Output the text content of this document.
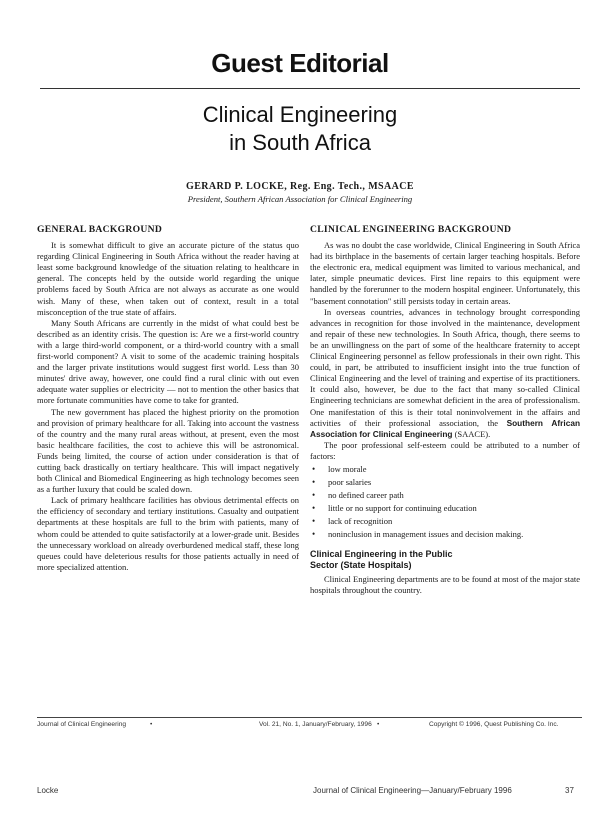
Guest Editorial
Clinical Engineering
in South Africa
GERARD P. LOCKE, Reg. Eng. Tech., MSAACE
President, Southern African Association for Clinical Engineering
GENERAL BACKGROUND

It is somewhat difficult to give an accurate picture of the status quo regarding Clinical Engineering in South Africa without the reader having at least some background knowledge of the situation relating to healthcare in general. The concepts held by the outside world regarding the unique problems faced by South Africa are not always as accurate as one would wish. Many of these, when taken out of context, result in a total misconception of the true state of affairs.

Many South Africans are currently in the midst of what could best be described as an identity crisis. The question is: Are we a first-world country with a large third-world component, or a third-world country with a small first-world component? A visit to some of the academic training hospitals and the larger private institutions would suggest first world. Less than 30 minutes' drive away, however, one could find a rural clinic with out even adequate water supplies or electricity — not to mention the other basics that more fortunate communities have come to take for granted.

The new government has placed the highest priority on the promotion and provision of primary healthcare for all. Taking into account the vastness of the country and the many rural areas without, at present, even the most basic healthcare facilities, the cost to achieve this will be astronomical. Funds being limited, the course of action under consideration is that of cutting back drastically on tertiary healthcare. This will impact negatively both Clinical and Biomedical Engineering as high technology becomes seen as a further luxury that could be scaled down.

Lack of primary healthcare facilities has obvious detrimental effects on the efficiency of secondary and tertiary institutions. Casualty and outpatient departments at these hospitals are full to the brim with patients, many of whom could be attended to quite satisfactorily at a lower-grade unit. Besides the unnecessary workload on already overburdened medical staff, these long queues could have deleterious results for those patients actually in need of more specialized attention.

CLINICAL ENGINEERING BACKGROUND

As was no doubt the case worldwide, Clinical Engineering in South Africa had its birthplace in the basements of certain larger teaching hospitals. Before the electronic era, medical equipment was limited to various mechanical, and later, simple pneumatic devices. First line repairs to this equipment were handled by the forerunner to the modern hospital engineer. Unfortunately, this "basement connotation" still persists today in certain areas.

In overseas countries, advances in technology brought corresponding advances in recognition for those involved in the maintenance, development and repair of these new technologies. In South Africa, though, there seems to be an unwillingness on the part of some of the healthcare fraternity to accept Clinical Engineering personnel as fellow professionals in their own right. This could, in part, be attributed to insufficient insight into the true function of Clinical Engineering and the level of training and expertise of its practitioners. It could also, however, be due to the fact that many so-called Clinical Engineering technicians are somewhat deficient in the area of professionalism. One manifestation of this is their total noninvolvement in the affairs and activities of their professional association, the Southern African Association for Clinical Engineering (SAACE).

The poor professional self-esteem could be attributed to a number of factors:

• low morale
• poor salaries
• no defined career path
• little or no support for continuing education
• lack of recognition
• noninclusion in management issues and decision making.
Clinical Engineering in the Public
Sector (State Hospitals)

Clinical Engineering departments are to be found at most of the major state hospitals throughout the country.

Journal of Clinical Engineering	•	Vol. 21, No. 1, January/February, 1996 •	Copyright © 1996, Quest Publishing Co. Inc.
Locke	Journal of Clinical Engineering—January/February 1996	37
